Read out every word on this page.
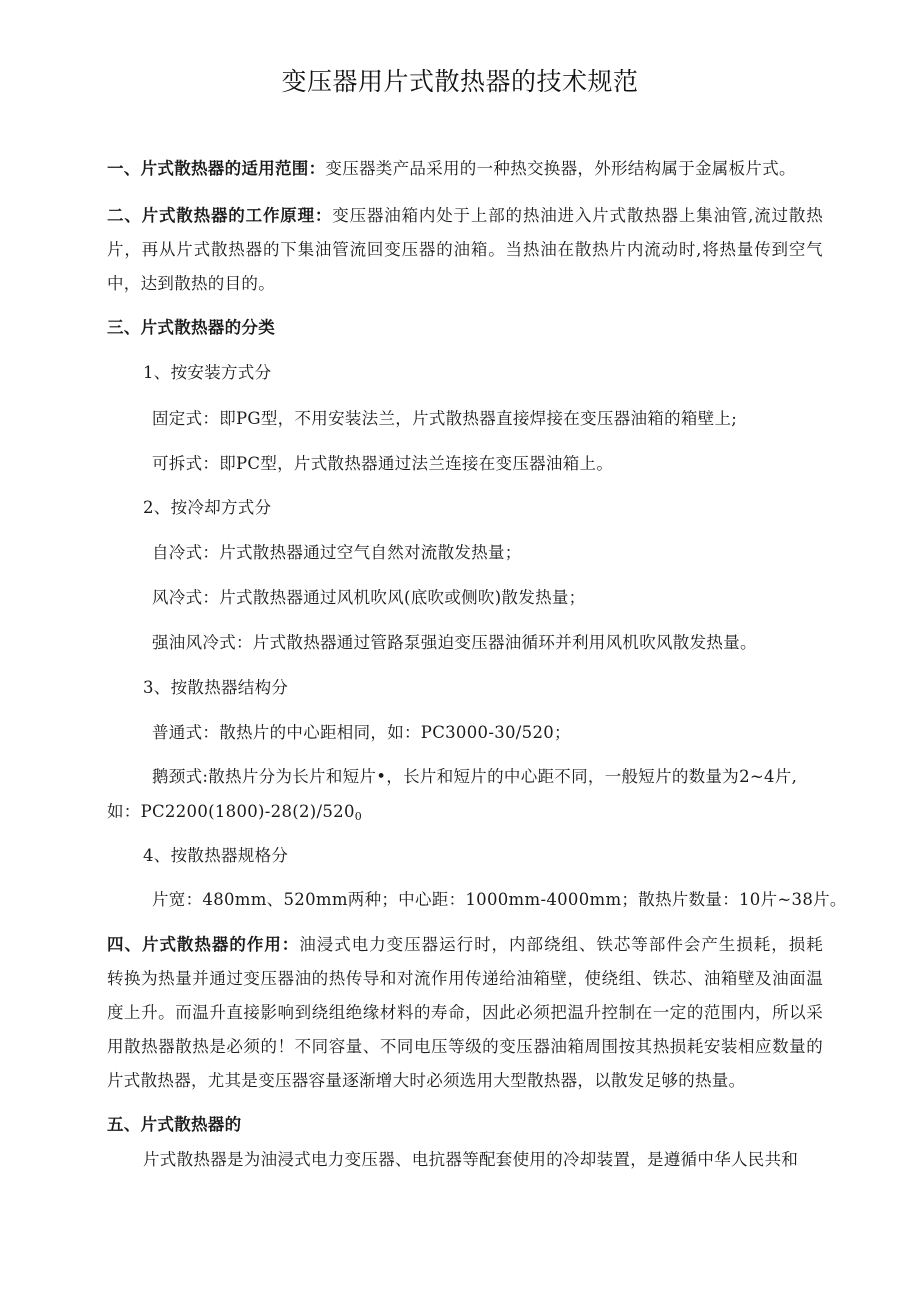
变压器用片式散热器的技术规范
一、片式散热器的适用范围：变压器类产品采用的一种热交换器，外形结构属于金属板片式。
二、片式散热器的工作原理：变压器油箱内处于上部的热油进入片式散热器上集油管,流过散热
片，再从片式散热器的下集油管流回变压器的油箱。当热油在散热片内流动时,将热量传到空气
中，达到散热的目的。
三、片式散热器的分类
1、按安装方式分
固定式：即PG型，不用安装法兰，片式散热器直接焊接在变压器油箱的箱壁上;
可拆式：即PC型，片式散热器通过法兰连接在变压器油箱上。
2、按冷却方式分
自冷式：片式散热器通过空气自然对流散发热量；
风冷式：片式散热器通过风机吹风(底吹或侧吹)散发热量；
强油风冷式：片式散热器通过管路泵强迫变压器油循环并利用风机吹风散发热量。
3、按散热器结构分
普通式：散热片的中心距相同，如：PC3000-30/520；
鹅颈式:散热片分为长片和短片•，长片和短片的中心距不同，一般短片的数量为2~4片,
如：$PC2200(1800)-28(2)/520_0$
4、按散热器规格分
片宽：480mm、520mm两种；中心距：1000mm-4000mm；散热片数量：10片~38片。
四、片式散热器的作用：油浸式电力变压器运行时，内部绕组、铁芯等部件会产生损耗，损耗
转换为热量并通过变压器油的热传导和对流作用传递给油箱壁，使绕组、铁芯、油箱壁及油面温
度上升。而温升直接影响到绕组绝缘材料的寿命，因此必须把温升控制在一定的范围内，所以采
用散热器散热是必须的！不同容量、不同电压等级的变压器油箱周围按其热损耗安装相应数量的
片式散热器，尤其是变压器容量逐渐增大时必须选用大型散热器，以散发足够的热量。
五、片式散热器的
片式散热器是为油浸式电力变压器、电抗器等配套使用的冷却装置，是遵循中华人民共和
